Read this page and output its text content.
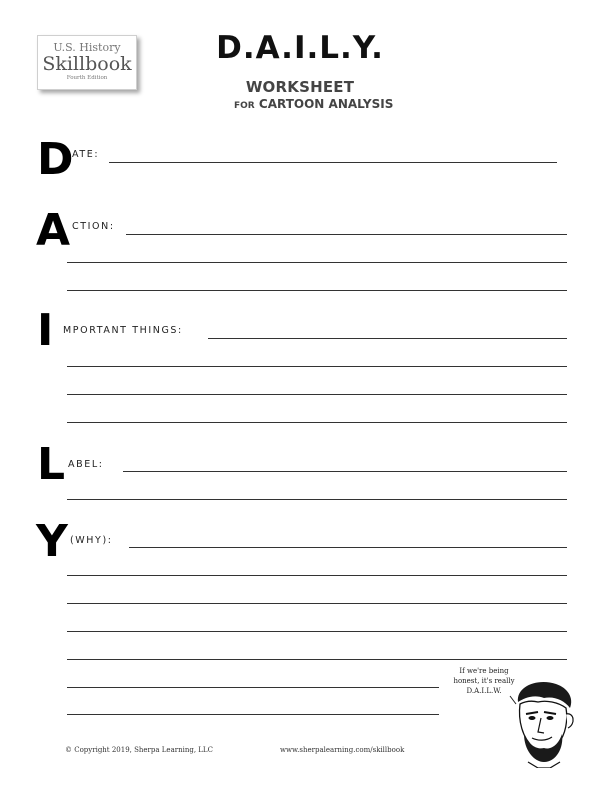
U.S. History
Skillbook
Fourth Edition
D.A.I.L.Y.
WORKSHEET
FOR CARTOON ANALYSIS
D
ATE:
A CTION:
I MPORTANT THINGS:
L ABEL:
Y (WHY):
If we're being
honest, it's really
D.A.I.L.W.
© Copyright 2019, Sherpa Learning, LLC	www.sherpalearning.com/skillbook
